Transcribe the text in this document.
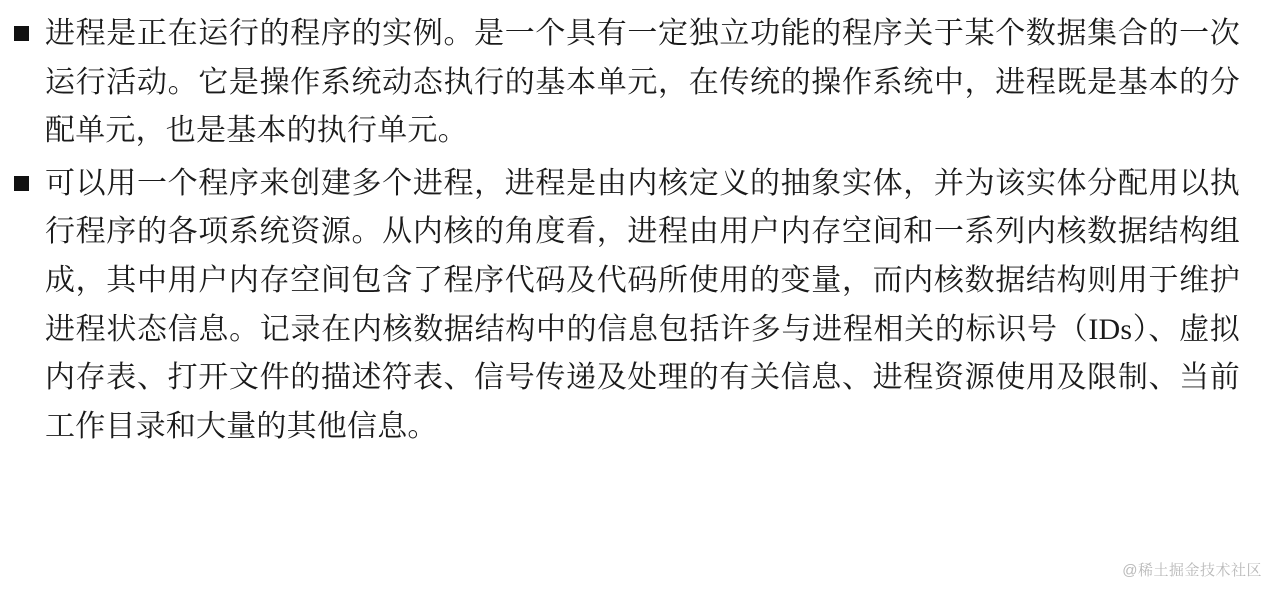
进程是正在运行的程序的实例。是一个具有一定独立功能的程序关于某个数据集合的一次运行活动。它是操作系统动态执行的基本单元，在传统的操作系统中，进程既是基本的分配单元，也是基本的执行单元。
可以用一个程序来创建多个进程，进程是由内核定义的抽象实体，并为该实体分配用以执行程序的各项系统资源。从内核的角度看，进程由用户内存空间和一系列内核数据结构组成，其中用户内存空间包含了程序代码及代码所使用的变量，而内核数据结构则用于维护进程状态信息。记录在内核数据结构中的信息包括许多与进程相关的标识号（IDs）、虚拟内存表、打开文件的描述符表、信号传递及处理的有关信息、进程资源使用及限制、当前工作目录和大量的其他信息。
@稀土掘金技术社区
